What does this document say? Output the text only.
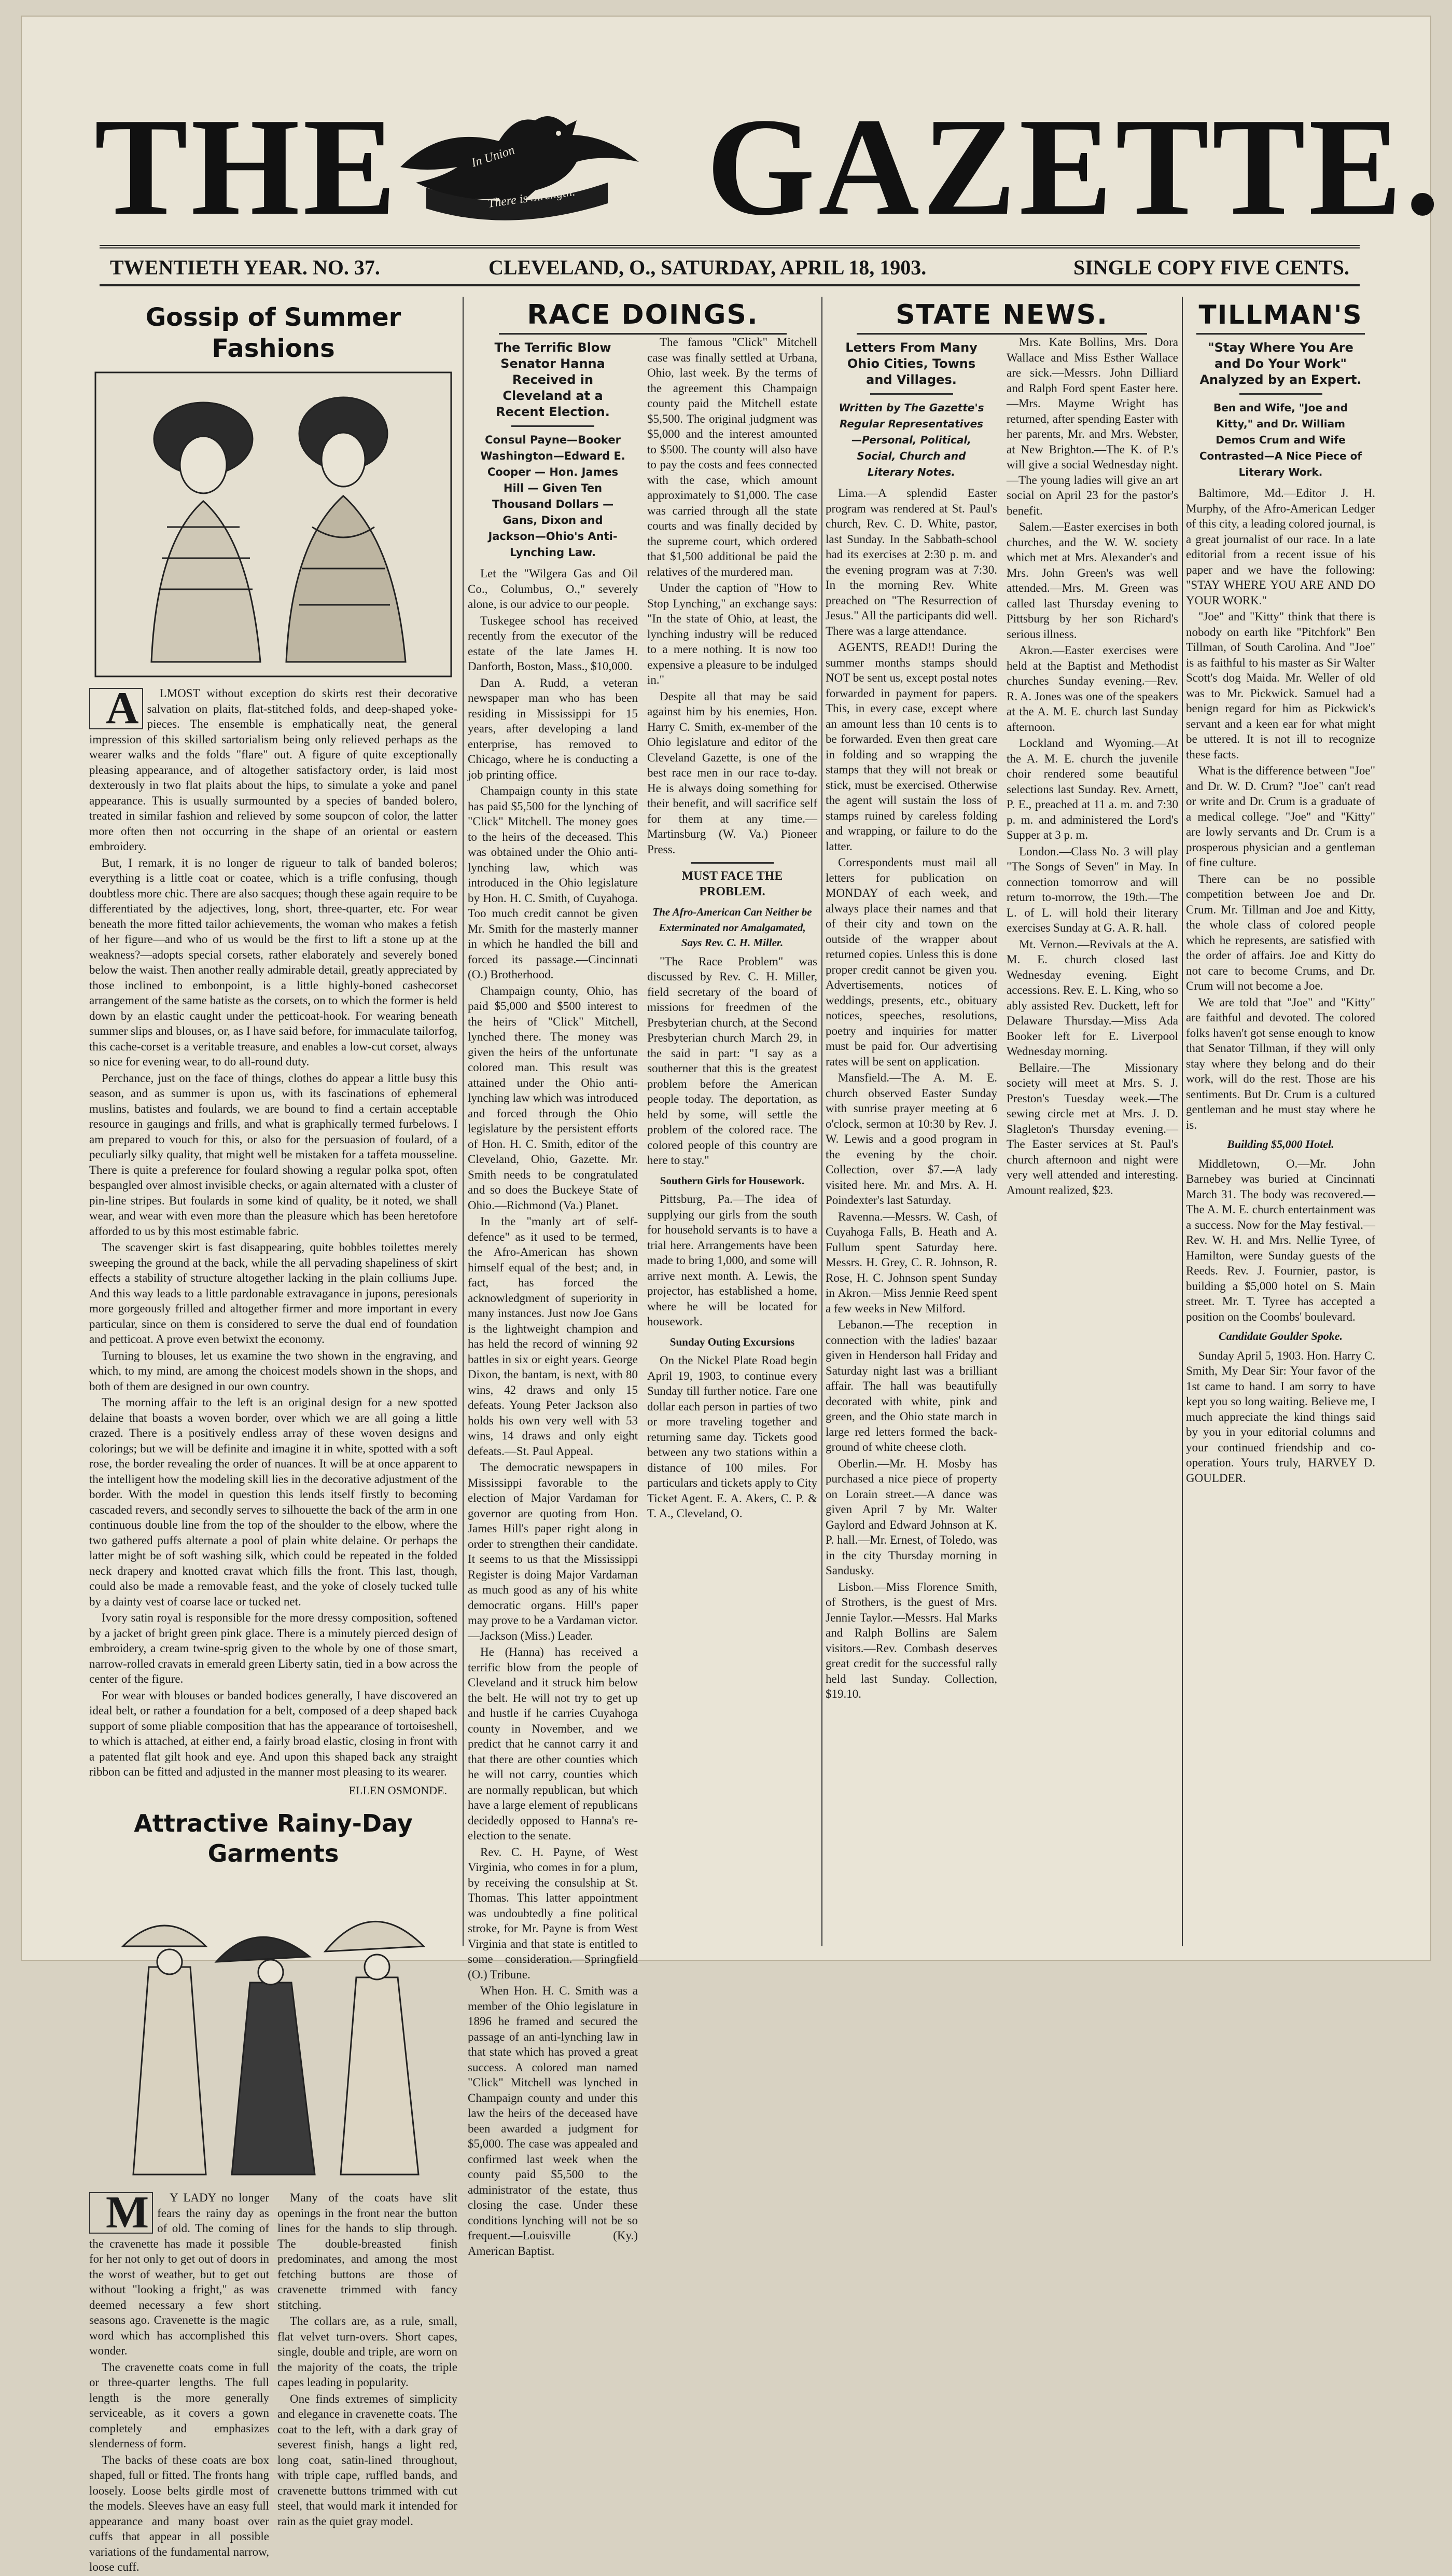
THE	In Union
There is Strength. GAZETTE.
TWENTIETH YEAR. NO. 37.	CLEVELAND, O., SATURDAY, APRIL 18, 1903.	SINGLE COPY FIVE CENTS.
Gossip of Summer Fashions

A	LMOST without exception do skirts rest their decorative salvation on plaits, flat-stitched folds, and deep-shaped yoke-pieces. The ensemble is emphatically neat, the general impression of this skilled sartorialism being only relieved perhaps as the wearer walks and the folds "flare" out. A figure of quite exceptionally pleasing appearance, and of altogether satisfactory order, is laid most dexterously in two flat plaits about the hips, to simulate a yoke and panel appearance. This is usually surmounted by a species of banded bolero, treated in similar fashion and relieved by some soupcon of color, the latter more often then not occurring in the shape of an oriental or eastern embroidery.

But, I remark, it is no longer de rigueur to talk of banded boleros; everything is a little coat or coatee, which is a trifle confusing, though doubtless more chic. There are also sacques; though these again require to be differentiated by the adjectives, long, short, three-quarter, etc. For wear beneath the more fitted tailor achievements, the woman who makes a fetish of her figure—and who of us would be the first to lift a stone up at the weakness?—adopts special corsets, rather elaborately and severely boned below the waist. Then another really admirable detail, greatly appreciated by those inclined to embonpoint, is a little highly-boned cashecorset arrangement of the same batiste as the corsets, on to which the former is held down by an elastic caught under the petticoat-hook. For wearing beneath summer slips and blouses, or, as I have said before, for immaculate tailorfog, this cache-corset is a veritable treasure, and enables a low-cut corset, always so nice for evening wear, to do all-round duty.

Perchance, just on the face of things, clothes do appear a little busy this season, and as summer is upon us, with its fascinations of ephemeral muslins, batistes and foulards, we are bound to find a certain acceptable resource in gaugings and frills, and what is graphically termed furbelows. I am prepared to vouch for this, or also for the persuasion of foulard, of a peculiarly silky quality, that might well be mistaken for a taffeta mousseline. There is quite a preference for foulard showing a regular polka spot, often bespangled over almost invisible checks, or again alternated with a cluster of pin-line stripes. But foulards in some kind of quality, be it noted, we shall wear, and wear with even more than the pleasure which has been heretofore afforded to us by this most estimable fabric.

The scavenger skirt is fast disappearing, quite bobbles toilettes merely sweeping the ground at the back, while the all pervading shapeliness of skirt effects a stability of structure altogether lacking in the plain colliums Jupe. And this way leads to a little pardonable extravagance in jupons, peresionals more gorgeously frilled and altogether firmer and more important in every particular, since on them is considered to serve the dual end of foundation and petticoat. A prove even betwixt the economy.

Turning to blouses, let us examine the two shown in the engraving, and which, to my mind, are among the choicest models shown in the shops, and both of them are designed in our own country.

The morning affair to the left is an original design for a new spotted delaine that boasts a woven border, over which we are all going a little crazed. There is a positively endless array of these woven designs and colorings; but we will be definite and imagine it in white, spotted with a soft rose, the border revealing the order of nuances. It will be at once apparent to the intelligent how the modeling skill lies in the decorative adjustment of the border. With the model in question this lends itself firstly to becoming cascaded revers, and secondly serves to silhouette the back of the arm in one continuous double line from the top of the shoulder to the elbow, where the two gathered puffs alternate a pool of plain white delaine. Or perhaps the latter might be of soft washing silk, which could be repeated in the folded neck drapery and knotted cravat which fills the front. This last, though, could also be made a removable feast, and the yoke of closely tucked tulle by a dainty vest of coarse lace or tucked net.

Ivory satin royal is responsible for the more dressy composition, softened by a jacket of bright green pink glace. There is a minutely pierced design of embroidery, a cream twine-sprig given to the whole by one of those smart, narrow-rolled cravats in emerald green Liberty satin, tied in a bow across the center of the figure.

For wear with blouses or banded bodices generally, I have discovered an ideal belt, or rather a foundation for a belt, composed of a deep shaped back support of some pliable composition that has the appearance of tortoiseshell, to which is attached, at either end, a fairly broad elastic, closing in front with a patented flat gilt hook and eye. And upon this shaped back any straight ribbon can be fitted and adjusted in the manner most pleasing to its wearer.

ELLEN OSMONDE.
Attractive Rainy-Day Garments

M	Y LADY no longer fears the rainy day as of old. The coming of the cravenette has made it possible for her not only to get out of doors in the worst of weather, but to get out without "looking a fright," as was deemed necessary a few short seasons ago. Cravenette is the magic word which has accomplished this wonder.

The cravenette coats come in full or three-quarter lengths. The full length is the more generally serviceable, as it covers a gown completely and emphasizes slenderness of form.

The backs of these coats are box shaped, full or fitted. The fronts hang loosely. Loose belts girdle most of the models. Sleeves have an easy full appearance and many boast over cuffs that appear in all possible variations of the fundamental narrow, loose cuff.

Many of the coats have slit openings in the front near the button lines for the hands to slip through. The double-breasted finish predominates, and among the most fetching buttons are those of cravenette trimmed with fancy stitching.

The collars are, as a rule, small, flat velvet turn-overs. Short capes, single, double and triple, are worn on the majority of the coats, the triple capes leading in popularity.

One finds extremes of simplicity and elegance in cravenette coats. The coat to the left, with a dark gray of severest finish, hangs a light red, long coat, satin-lined throughout, with triple cape, ruffled bands, and cravenette buttons trimmed with cut steel, that would mark it intended for rain as the quiet gray model.

RACE DOINGS.
The Terrific Blow Senator Hanna Received in Cleveland at a Recent Election.
Consul Payne—Booker Washington—Edward E. Cooper — Hon. James Hill — Given Ten Thousand Dollars — Gans, Dixon and Jackson—Ohio's Anti-Lynching Law.

Let the "Wilgera Gas and Oil Co., Columbus, O.," severely alone, is our advice to our people.

Tuskegee school has received recently from the executor of the estate of the late James H. Danforth, Boston, Mass., $10,000.

Dan A. Rudd, a veteran newspaper man who has been residing in Mississippi for 15 years, after developing a land enterprise, has removed to Chicago, where he is conducting a job printing office.

Champaign county in this state has paid $5,500 for the lynching of "Click" Mitchell. The money goes to the heirs of the deceased. This was obtained under the Ohio anti-lynching law, which was introduced in the Ohio legislature by Hon. H. C. Smith, of Cuyahoga. Too much credit cannot be given Mr. Smith for the masterly manner in which he handled the bill and forced its passage.—Cincinnati (O.) Brotherhood.

Champaign county, Ohio, has paid $5,000 and $500 interest to the heirs of "Click" Mitchell, lynched there. The money was given the heirs of the unfortunate colored man. This result was attained under the Ohio anti-lynching law which was introduced and forced through the Ohio legislature by the persistent efforts of Hon. H. C. Smith, editor of the Cleveland, Ohio, Gazette. Mr. Smith needs to be congratulated and so does the Buckeye State of Ohio.—Richmond (Va.) Planet.

In the "manly art of self-defence" as it used to be termed, the Afro-American has shown himself equal of the best; and, in fact, has forced the acknowledgment of superiority in many instances. Just now Joe Gans is the lightweight champion and has held the record of winning 92 battles in six or eight years. George Dixon, the bantam, is next, with 80 wins, 42 draws and only 15 defeats. Young Peter Jackson also holds his own very well with 53 wins, 14 draws and only eight defeats.—St. Paul Appeal.

The democratic newspapers in Mississippi favorable to the election of Major Vardaman for governor are quoting from Hon. James Hill's paper right along in order to strengthen their candidate. It seems to us that the Mississippi Register is doing Major Vardaman as much good as any of his white democratic organs. Hill's paper may prove to be a Vardaman victor.—Jackson (Miss.) Leader.

He (Hanna) has received a terrific blow from the people of Cleveland and it struck him below the belt. He will not try to get up and hustle if he carries Cuyahoga county in November, and we predict that he cannot carry it and that there are other counties which he will not carry, counties which are normally republican, but which have a large element of republicans decidedly opposed to Hanna's re-election to the senate.

Rev. C. H. Payne, of West Virginia, who comes in for a plum, by receiving the consulship at St. Thomas. This latter appointment was undoubtedly a fine political stroke, for Mr. Payne is from West Virginia and that state is entitled to some consideration.—Springfield (O.) Tribune.

When Hon. H. C. Smith was a member of the Ohio legislature in 1896 he framed and secured the passage of an anti-lynching law in that state which has proved a great success. A colored man named "Click" Mitchell was lynched in Champaign county and under this law the heirs of the deceased have been awarded a judgment for $5,000. The case was appealed and confirmed last week when the county paid $5,500 to the administrator of the estate, thus closing the case. Under these conditions lynching will not be so frequent.—Louisville (Ky.) American Baptist.

The famous "Click" Mitchell case was finally settled at Urbana, Ohio, last week. By the terms of the agreement this Champaign county paid the Mitchell estate $5,500. The original judgment was $5,000 and the interest amounted to $500. The county will also have to pay the costs and fees connected with the case, which amount approximately to $1,000. The case was carried through all the state courts and was finally decided by the supreme court, which ordered that $1,500 additional be paid the relatives of the murdered man.

Under the caption of "How to Stop Lynching," an exchange says: "In the state of Ohio, at least, the lynching industry will be reduced to a mere nothing. It is now too expensive a pleasure to be indulged in."

Despite all that may be said against him by his enemies, Hon. Harry C. Smith, ex-member of the Ohio legislature and editor of the Cleveland Gazette, is one of the best race men in our race to-day. He is always doing something for their benefit, and will sacrifice self for them at any time.—Martinsburg (W. Va.) Pioneer Press.

MUST FACE THE PROBLEM.
The Afro-American Can Neither be Exterminated nor Amalgamated, Says Rev. C. H. Miller.

"The Race Problem" was discussed by Rev. C. H. Miller, field secretary of the board of missions for freedmen of the Presbyterian church, at the Second Presbyterian church March 29, in the said in part: "I say as a southerner that this is the greatest problem before the American people today. The deportation, as held by some, will settle the problem of the colored race. The colored people of this country are here to stay."

Southern Girls for Housework.

Pittsburg, Pa.—The idea of supplying our girls from the south for household servants is to have a trial here. Arrangements have been made to bring 1,000, and some will arrive next month. A. Lewis, the projector, has established a home, where he will be located for housework.

Sunday Outing Excursions

On the Nickel Plate Road begin April 19, 1903, to continue every Sunday till further notice. Fare one dollar each person in parties of two or more traveling together and returning same day. Tickets good between any two stations within a distance of 100 miles. For particulars and tickets apply to City Ticket Agent. E. A. Akers, C. P. & T. A., Cleveland, O.

STATE NEWS.
Letters From Many Ohio Cities, Towns and Villages.
Written by The Gazette's Regular Representatives—Personal, Political, Social, Church and Literary Notes.

Lima.—A splendid Easter program was rendered at St. Paul's church, Rev. C. D. White, pastor, last Sunday. In the Sabbath-school had its exercises at 2:30 p. m. and the evening program was at 7:30. In the morning Rev. White preached on "The Resurrection of Jesus." All the participants did well. There was a large attendance.

AGENTS, READ!! During the summer months stamps should NOT be sent us, except postal notes forwarded in payment for papers. This, in every case, except where an amount less than 10 cents is to be forwarded. Even then great care in folding and so wrapping the stamps that they will not break or stick, must be exercised. Otherwise the agent will sustain the loss of stamps ruined by careless folding and wrapping, or failure to do the latter.

Correspondents must mail all letters for publication on MONDAY of each week, and always place their names and that of their city and town on the outside of the wrapper about returned copies. Unless this is done proper credit cannot be given you. Advertisements, notices of weddings, presents, etc., obituary notices, speeches, resolutions, poetry and inquiries for matter must be paid for. Our advertising rates will be sent on application.

Mansfield.—The A. M. E. church observed Easter Sunday with sunrise prayer meeting at 6 o'clock, sermon at 10:30 by Rev. J. W. Lewis and a good program in the evening by the choir. Collection, over $7.—A lady visited here. Mr. and Mrs. A. H. Poindexter's last Saturday.

Ravenna.—Messrs. W. Cash, of Cuyahoga Falls, B. Heath and A. Fullum spent Saturday here. Messrs. H. Grey, C. R. Johnson, R. Rose, H. C. Johnson spent Sunday in Akron.—Miss Jennie Reed spent a few weeks in New Milford.

Lebanon.—The reception in connection with the ladies' bazaar given in Henderson hall Friday and Saturday night last was a brilliant affair. The hall was beautifully decorated with white, pink and green, and the Ohio state march in large red letters formed the back-ground of white cheese cloth.

Oberlin.—Mr. H. Mosby has purchased a nice piece of property on Lorain street.—A dance was given April 7 by Mr. Walter Gaylord and Edward Johnson at K. P. hall.—Mr. Ernest, of Toledo, was in the city Thursday morning in Sandusky.

Lisbon.—Miss Florence Smith, of Strothers, is the guest of Mrs. Jennie Taylor.—Messrs. Hal Marks and Ralph Bollins are Salem visitors.—Rev. Combash deserves great credit for the successful rally held last Sunday. Collection, $19.10.

Mrs. Kate Bollins, Mrs. Dora Wallace and Miss Esther Wallace are sick.—Messrs. John Dilliard and Ralph Ford spent Easter here.—Mrs. Mayme Wright has returned, after spending Easter with her parents, Mr. and Mrs. Webster, at New Brighton.—The K. of P.'s will give a social Wednesday night.—The young ladies will give an art social on April 23 for the pastor's benefit.

Salem.—Easter exercises in both churches, and the W. W. society which met at Mrs. Alexander's and Mrs. John Green's was well attended.—Mrs. M. Green was called last Thursday evening to Pittsburg by her son Richard's serious illness.

Akron.—Easter exercises were held at the Baptist and Methodist churches Sunday evening.—Rev. R. A. Jones was one of the speakers at the A. M. E. church last Sunday afternoon.

Lockland and Wyoming.—At the A. M. E. church the juvenile choir rendered some beautiful selections last Sunday. Rev. Arnett, P. E., preached at 11 a. m. and 7:30 p. m. and administered the Lord's Supper at 3 p. m.

London.—Class No. 3 will play "The Songs of Seven" in May. In connection tomorrow and will return to-morrow, the 19th.—The L. of L. will hold their literary exercises Sunday at G. A. R. hall.

Mt. Vernon.—Revivals at the A. M. E. church closed last Wednesday evening. Eight accessions. Rev. E. L. King, who so ably assisted Rev. Duckett, left for Delaware Thursday.—Miss Ada Booker left for E. Liverpool Wednesday morning.

Bellaire.—The Missionary society will meet at Mrs. S. J. Preston's Tuesday week.—The sewing circle met at Mrs. J. D. Slagleton's Thursday evening.—The Easter services at St. Paul's church afternoon and night were very well attended and interesting. Amount realized, $23.

TILLMAN'S
"Stay Where You Are and Do Your Work" Analyzed by an Expert.
Ben and Wife, "Joe and Kitty," and Dr. William Demos Crum and Wife Contrasted—A Nice Piece of Literary Work.

Baltimore, Md.—Editor J. H. Murphy, of the Afro-American Ledger of this city, a leading colored journal, is a great journalist of our race. In a late editorial from a recent issue of his paper and we have the following: "STAY WHERE YOU ARE AND DO YOUR WORK."

"Joe" and "Kitty" think that there is nobody on earth like "Pitchfork" Ben Tillman, of South Carolina. And "Joe" is as faithful to his master as Sir Walter Scott's dog Maida. Mr. Weller of old was to Mr. Pickwick. Samuel had a benign regard for him as Pickwick's servant and a keen ear for what might be uttered. It is not ill to recognize these facts.

What is the difference between "Joe" and Dr. W. D. Crum? "Joe" can't read or write and Dr. Crum is a graduate of a medical college. "Joe" and "Kitty" are lowly servants and Dr. Crum is a prosperous physician and a gentleman of fine culture.

There can be no possible competition between Joe and Dr. Crum. Mr. Tillman and Joe and Kitty, the whole class of colored people which he represents, are satisfied with the order of affairs. Joe and Kitty do not care to become Crums, and Dr. Crum will not become a Joe.

We are told that "Joe" and "Kitty" are faithful and devoted. The colored folks haven't got sense enough to know that Senator Tillman, if they will only stay where they belong and do their work, will do the rest. Those are his sentiments. But Dr. Crum is a cultured gentleman and he must stay where he is.

Building $5,000 Hotel.

Middletown, O.—Mr. John Barnebey was buried at Cincinnati March 31. The body was recovered.—The A. M. E. church entertainment was a success. Now for the May festival.—Rev. W. H. and Mrs. Nellie Tyree, of Hamilton, were Sunday guests of the Reeds. Rev. J. Fournier, pastor, is building a $5,000 hotel on S. Main street. Mr. T. Tyree has accepted a position on the Coombs' boulevard.

Candidate Goulder Spoke.

Sunday April 5, 1903. Hon. Harry C. Smith, My Dear Sir: Your favor of the 1st came to hand. I am sorry to have kept you so long waiting. Believe me, I much appreciate the kind things said by you in your editorial columns and your continued friendship and co-operation. Yours truly, HARVEY D. GOULDER.
